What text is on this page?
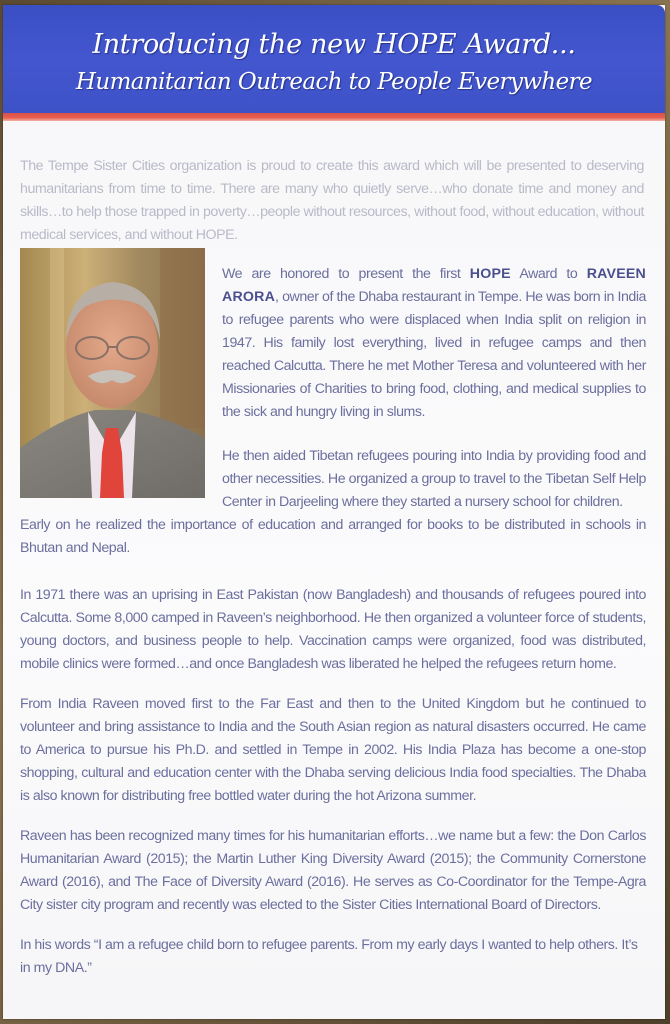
Introducing the new HOPE Award...
Humanitarian Outreach to People Everywhere

The Tempe Sister Cities organization is proud to create this award which will be presented to deserving humanitarians from time to time. There are many who quietly serve…who donate time and money and skills…to help those trapped in poverty…people without resources, without food, without education, without medical services, and without HOPE.

We are honored to present the first HOPE Award to RAVEEN ARORA, owner of the Dhaba restaurant in Tempe. He was born in India to refugee parents who were displaced when India split on religion in 1947. His family lost everything, lived in refugee camps and then reached Calcutta. There he met Mother Teresa and volunteered with her Missionaries of Charities to bring food, clothing, and medical supplies to the sick and hungry living in slums.

He then aided Tibetan refugees pouring into India by providing food and other necessities. He organized a group to travel to the Tibetan Self Help Center in Darjeeling where they started a nursery school for children.

Early on he realized the importance of education and arranged for books to be distributed in schools in Bhutan and Nepal.

In 1971 there was an uprising in East Pakistan (now Bangladesh) and thousands of refugees poured into Calcutta. Some 8,000 camped in Raveen’s neighborhood. He then organized a volunteer force of students, young doctors, and business people to help. Vaccination camps were organized, food was distributed, mobile clinics were formed…and once Bangladesh was liberated he helped the refugees return home.

From India Raveen moved first to the Far East and then to the United Kingdom but he continued to volunteer and bring assistance to India and the South Asian region as natural disasters occurred. He came to America to pursue his Ph.D. and settled in Tempe in 2002. His India Plaza has become a one-stop shopping, cultural and education center with the Dhaba serving delicious India food specialties. The Dhaba is also known for distributing free bottled water during the hot Arizona summer.

Raveen has been recognized many times for his humanitarian efforts…we name but a few: the Don Carlos Humanitarian Award (2015); the Martin Luther King Diversity Award (2015); the Community Cornerstone Award (2016), and The Face of Diversity Award (2016). He serves as Co-Coordinator for the Tempe-Agra City sister city program and recently was elected to the Sister Cities International Board of Directors.

In his words “I am a refugee child born to refugee parents. From my early days I wanted to help others. It’s in my DNA.”
